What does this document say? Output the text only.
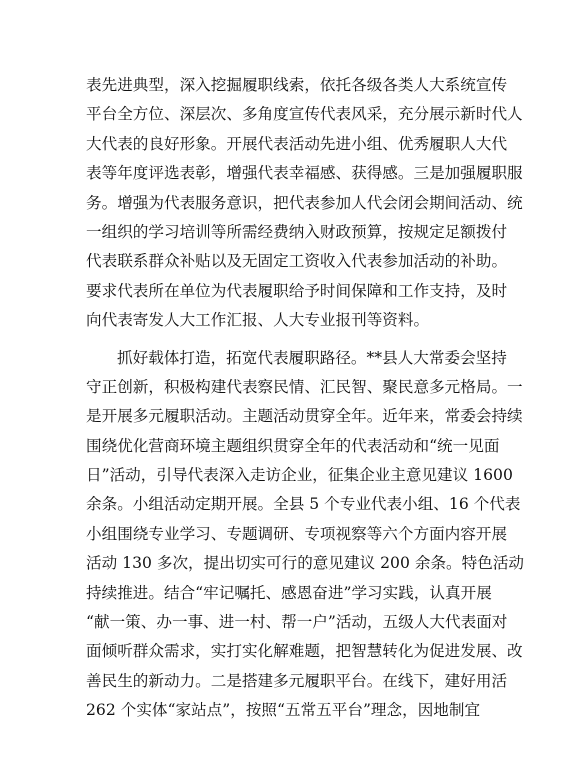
表先进典型，深入挖掘履职线索，依托各级各类人大系统宣传
平台全方位、深层次、多角度宣传代表风采，充分展示新时代人
大代表的良好形象。开展代表活动先进小组、优秀履职人大代
表等年度评选表彰，增强代表幸福感、获得感。三是加强履职服
务。增强为代表服务意识，把代表参加人代会闭会期间活动、统
一组织的学习培训等所需经费纳入财政预算，按规定足额拨付
代表联系群众补贴以及无固定工资收入代表参加活动的补助。
要求代表所在单位为代表履职给予时间保障和工作支持，及时
向代表寄发人大工作汇报、人大专业报刊等资料。
抓好载体打造，拓宽代表履职路径。**县人大常委会坚持
守正创新，积极构建代表察民情、汇民智、聚民意多元格局。一
是开展多元履职活动。主题活动贯穿全年。近年来，常委会持续
围绕优化营商环境主题组织贯穿全年的代表活动和“统一见面
日”活动，引导代表深入走访企业，征集企业主意见建议 1600
余条。小组活动定期开展。全县 5 个专业代表小组、16 个代表
小组围绕专业学习、专题调研、专项视察等六个方面内容开展
活动 130 多次，提出切实可行的意见建议 200 余条。特色活动
持续推进。结合“牢记嘱托、感恩奋进”学习实践，认真开展
“献一策、办一事、进一村、帮一户”活动，五级人大代表面对
面倾听群众需求，实打实化解难题，把智慧转化为促进发展、改
善民生的新动力。二是搭建多元履职平台。在线下，建好用活
262 个实体“家站点”，按照“五常五平台”理念，因地制宜
